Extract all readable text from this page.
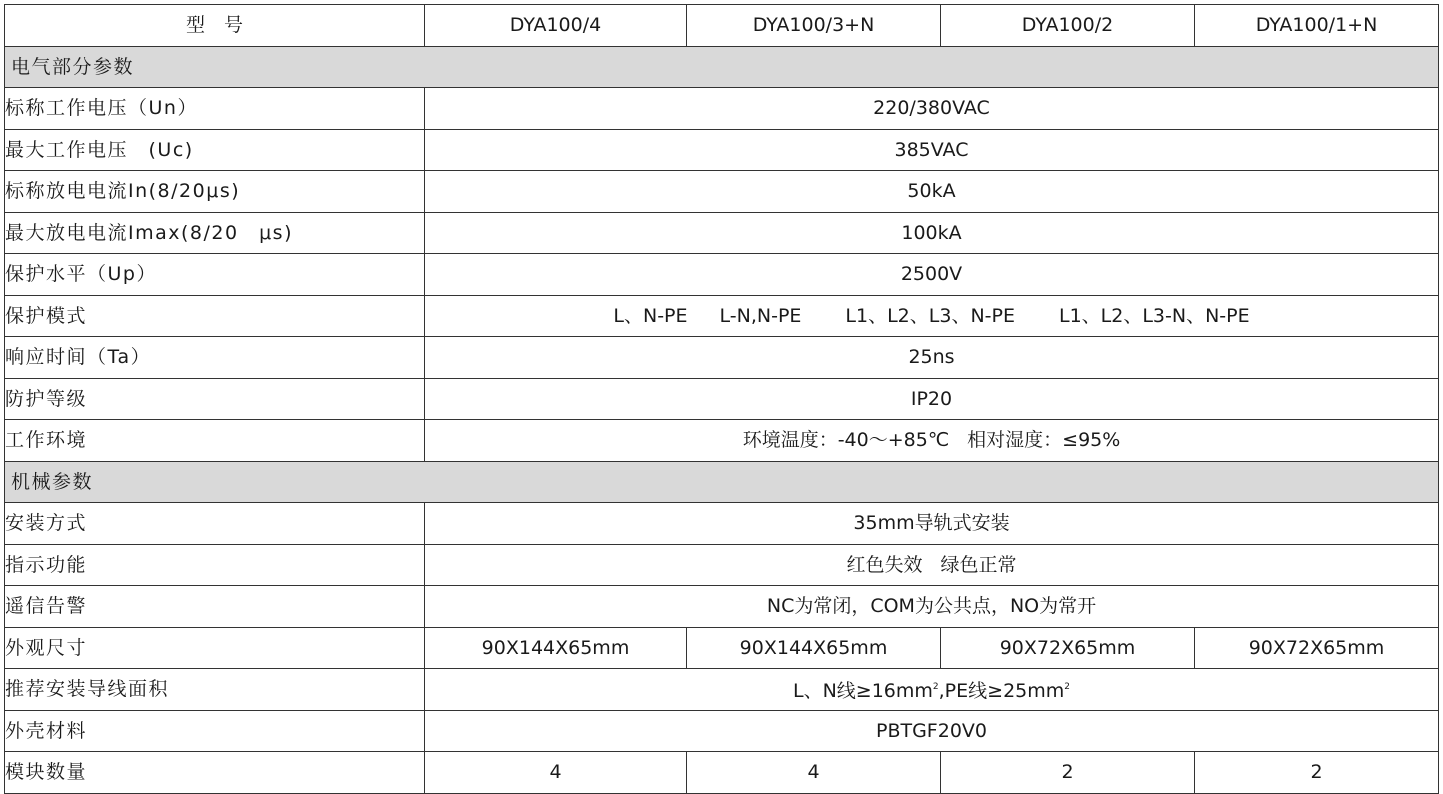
型　号	DYA100/4	DYA100/3+N	DYA100/2	DYA100/1+N
电气部分参数				
标称工作电压（Un）	220/380VAC			
最大工作电压　(Uc)	385VAC			
标称放电电流In(8/20μs)	50kA			
最大放电电流Imax(8/20　μs)	100kA			
保护水平（Up）	2500V			
保护模式	L、N-PE L-N,N-PE L1、L2、L3、N-PE L1、L2、L3-N、N-PE			
响应时间（Ta）	25ns			
防护等级	IP20			
工作环境	环境温度：-40～+85℃ 相对湿度：≤95%			
机械参数				
安装方式	35mm导轨式安装			
指示功能	红色失效 绿色正常			
遥信告警	NC为常闭，COM为公共点，NO为常开			
外观尺寸	90X144X65mm	90X144X65mm	90X72X65mm	90X72X65mm
推荐安装导线面积	L、N线$\ge 16mm^2,PE$线$\ge 25mm^2$
外壳材料	PBTGF20V0			
模块数量	4	4	2	2
